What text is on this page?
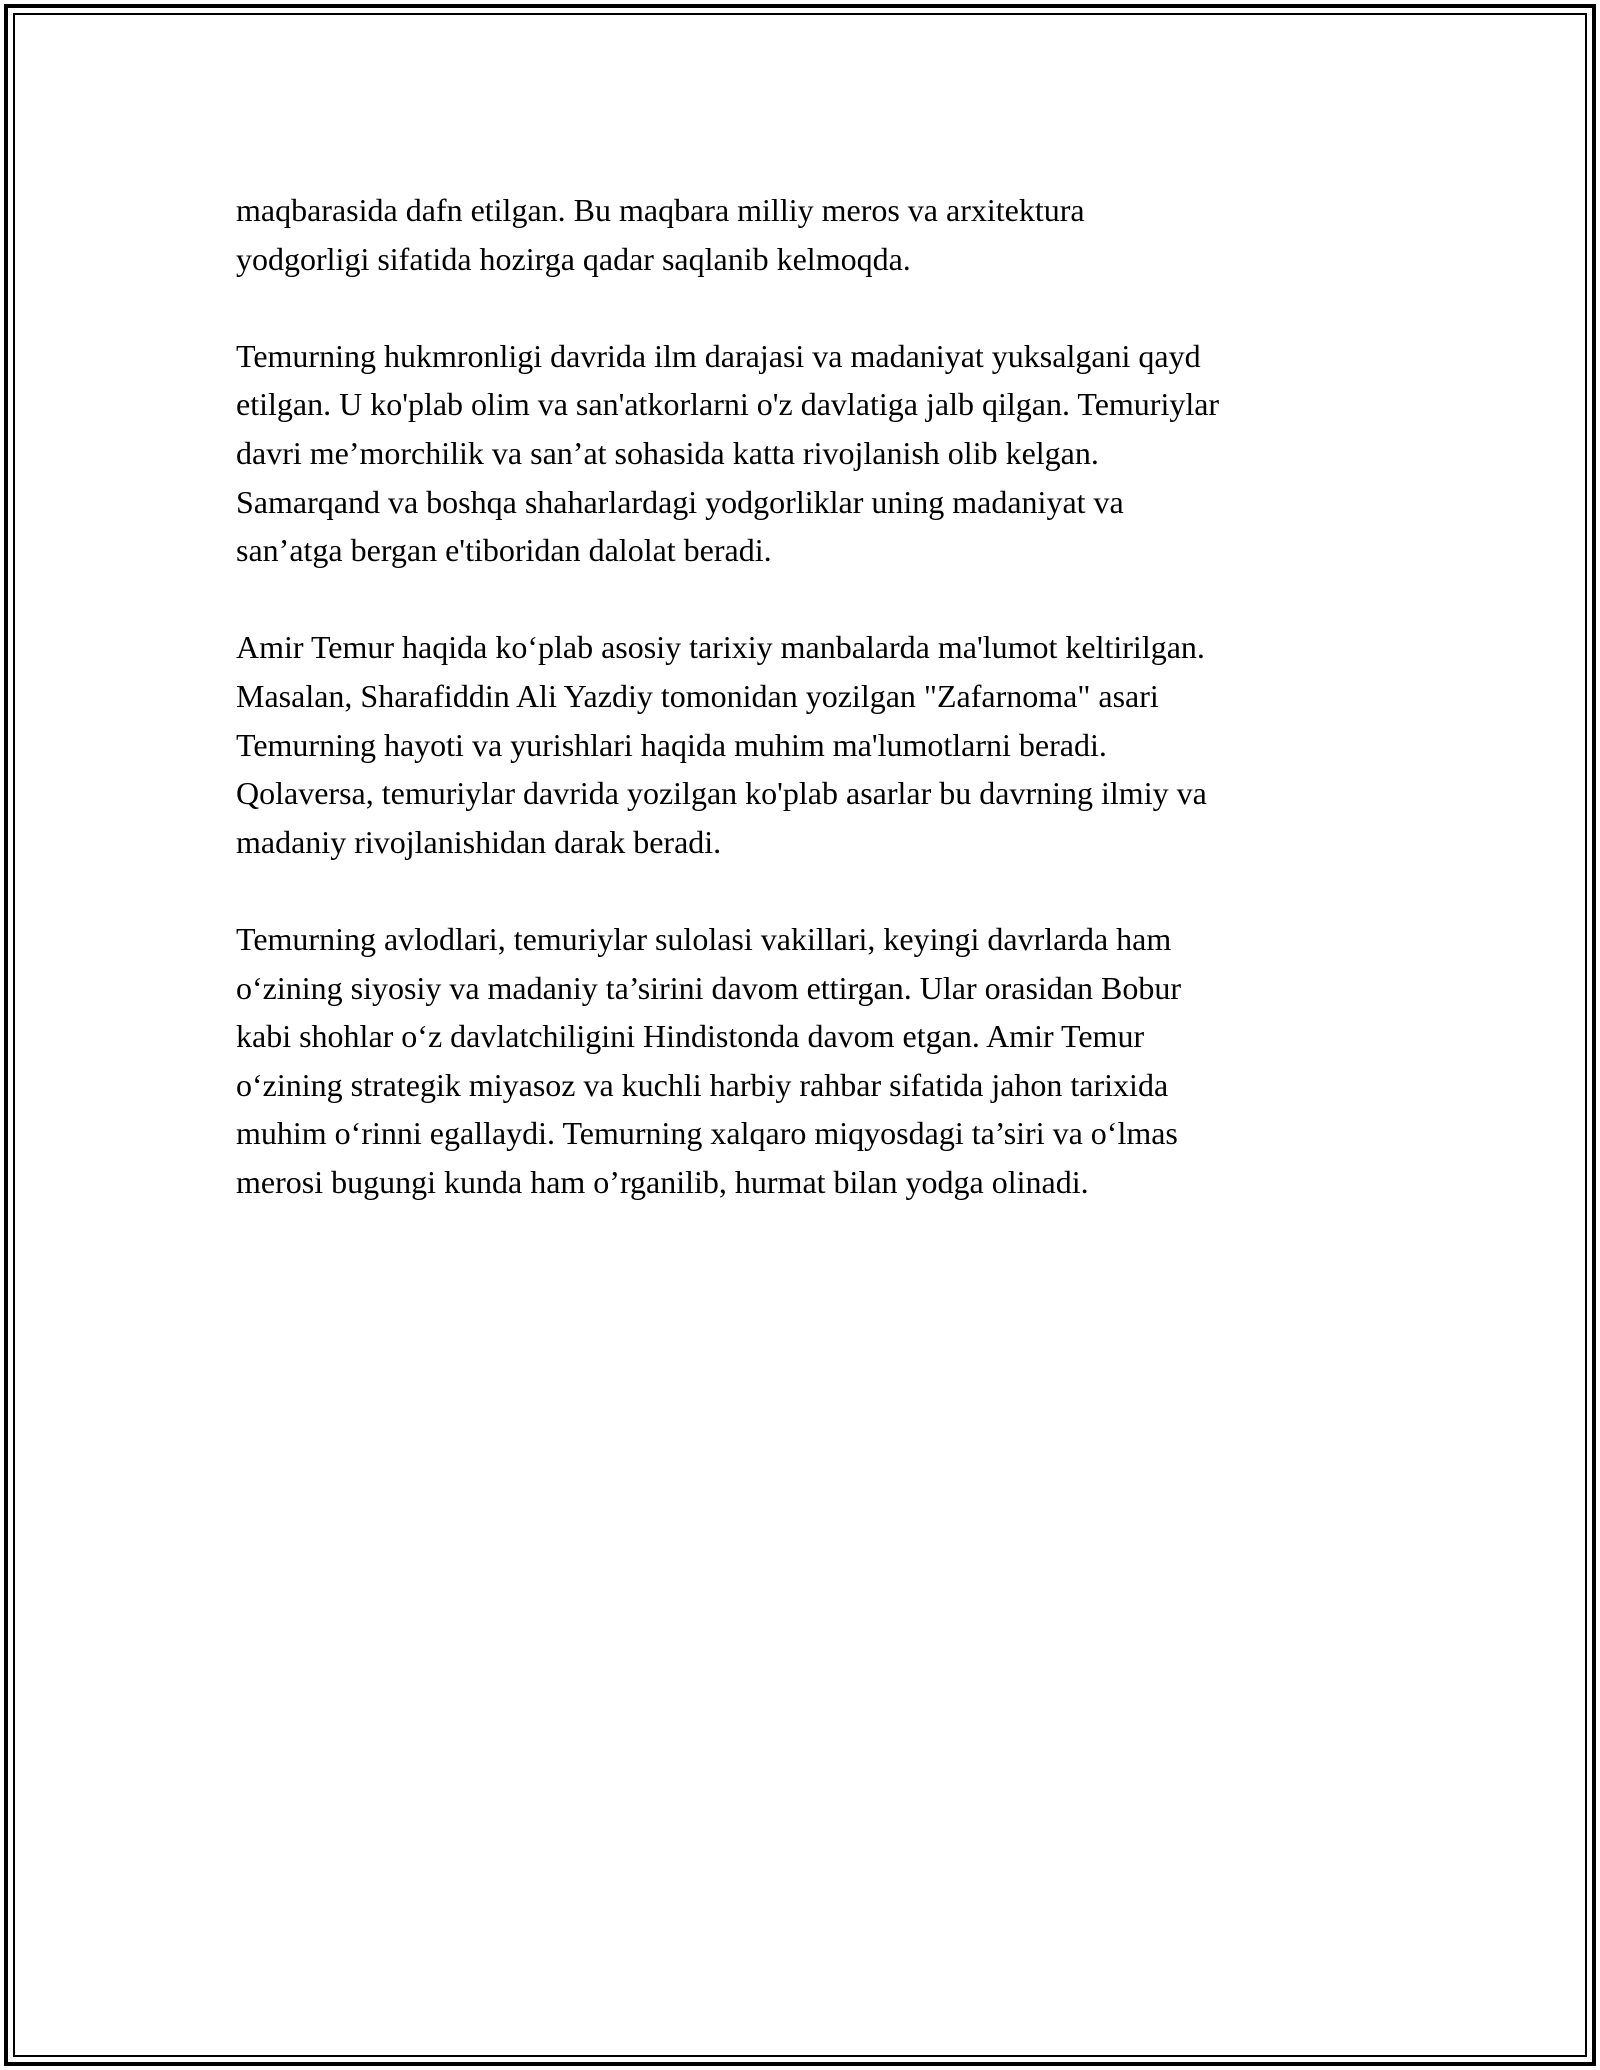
maqbarasida dafn etilgan. Bu maqbara milliy meros va arxitektura
yodgorligi sifatida hozirga qadar saqlanib kelmoqda.

Temurning hukmronligi davrida ilm darajasi va madaniyat yuksalgani qayd
etilgan. U ko'plab olim va san'atkorlarni o'z davlatiga jalb qilgan. Temuriylar
davri me’morchilik va san’at sohasida katta rivojlanish olib kelgan.
Samarqand va boshqa shaharlardagi yodgorliklar uning madaniyat va
san’atga bergan e'tiboridan dalolat beradi.

Amir Temur haqida ko‘plab asosiy tarixiy manbalarda ma'lumot keltirilgan.
Masalan, Sharafiddin Ali Yazdiy tomonidan yozilgan "Zafarnoma" asari
Temurning hayoti va yurishlari haqida muhim ma'lumotlarni beradi.
Qolaversa, temuriylar davrida yozilgan ko'plab asarlar bu davrning ilmiy va
madaniy rivojlanishidan darak beradi.

Temurning avlodlari, temuriylar sulolasi vakillari, keyingi davrlarda ham
o‘zining siyosiy va madaniy ta’sirini davom ettirgan. Ular orasidan Bobur
kabi shohlar o‘z davlatchiligini Hindistonda davom etgan. Amir Temur
o‘zining strategik miyasoz va kuchli harbiy rahbar sifatida jahon tarixida
muhim o‘rinni egallaydi. Temurning xalqaro miqyosdagi ta’siri va o‘lmas
merosi bugungi kunda ham o’rganilib, hurmat bilan yodga olinadi.
